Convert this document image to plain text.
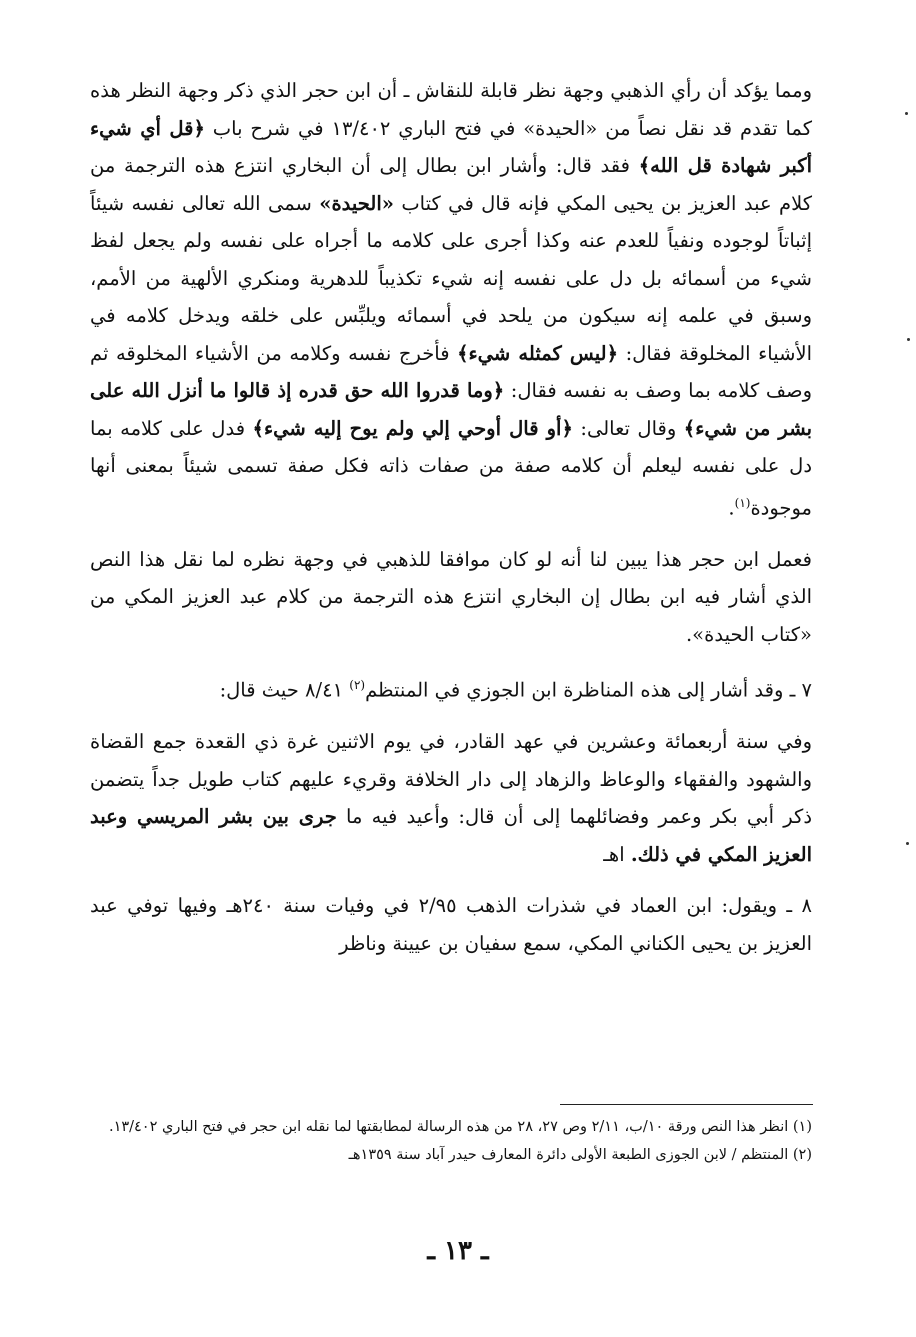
ومما يؤكد أن رأي الذهبي وجهة نظر قابلة للنقاش ـ أن ابن حجر الذي ذكر وجهة النظر هذه كما تقدم قد نقل نصاً من «الحيدة» في فتح الباري ١٣/٤٠٢ في شرح باب ﴿قل أي شيء أكبر شهادة قل الله﴾ فقد قال: وأشار ابن بطال إلى أن البخاري انتزع هذه الترجمة من كلام عبد العزيز بن يحيى المكي فإنه قال في كتاب «الحيدة» سمى الله تعالى نفسه شيئاً إثباتاً لوجوده ونفياً للعدم عنه وكذا أجرى على كلامه ما أجراه على نفسه ولم يجعل لفظ شيء من أسمائه بل دل على نفسه إنه شيء تكذيباً للدهرية ومنكري الألهية من الأمم، وسبق في علمه إنه سيكون من يلحد في أسمائه ويلبِّس على خلقه ويدخل كلامه في الأشياء المخلوقة فقال: ﴿ليس كمثله شيء﴾ فأخرج نفسه وكلامه من الأشياء المخلوقه ثم وصف كلامه بما وصف به نفسه فقال: ﴿وما قدروا الله حق قدره إذ قالوا ما أنزل الله على بشر من شيء﴾ وقال تعالى: ﴿أو قال أوحي إلي ولم يوح إليه شيء﴾ فدل على كلامه بما دل على نفسه ليعلم أن كلامه صفة من صفات ذاته فكل صفة تسمى شيئاً بمعنى أنها موجودة$^{(١)}$.

فعمل ابن حجر هذا يبين لنا أنه لو كان موافقا للذهبي في وجهة نظره لما نقل هذا النص الذي أشار فيه ابن بطال إن البخاري انتزع هذه الترجمة من كلام عبد العزيز المكي من «كتاب الحيدة».

٧ ـ وقد أشار إلى هذه المناظرة ابن الجوزي في المنتظم$^{(٢)}$ ٨/٤١ حيث قال:

وفي سنة أربعمائة وعشرين في عهد القادر، في يوم الاثنين غرة ذي القعدة جمع القضاة والشهود والفقهاء والوعاظ والزهاد إلى دار الخلافة وقريء عليهم كتاب طويل جداً يتضمن ذكر أبي بكر وعمر وفضائلهما إلى أن قال: وأعيد فيه ما جرى بين بشر المريسي وعبد العزيز المكي في ذلك. اهـ

٨ ـ ويقول: ابن العماد في شذرات الذهب ٢/٩٥ في وفيات سنة ٢٤٠هـ وفيها توفي عبد العزيز بن يحيى الكناني المكي، سمع سفيان بن عيينة وناظر

(١) انظر هذا النص ورقة ١٠/ب، ٢/١١ وص ٢٧، ٢٨ من هذه الرسالة لمطابقتها لما نقله ابن حجر في فتح الباري ١٣/٤٠٢.

(٢) المنتظم / لابن الجوزى الطبعة الأولى دائرة المعارف حيدر آباد سنة ١٣٥٩هـ

ـ ١٣ ـ
